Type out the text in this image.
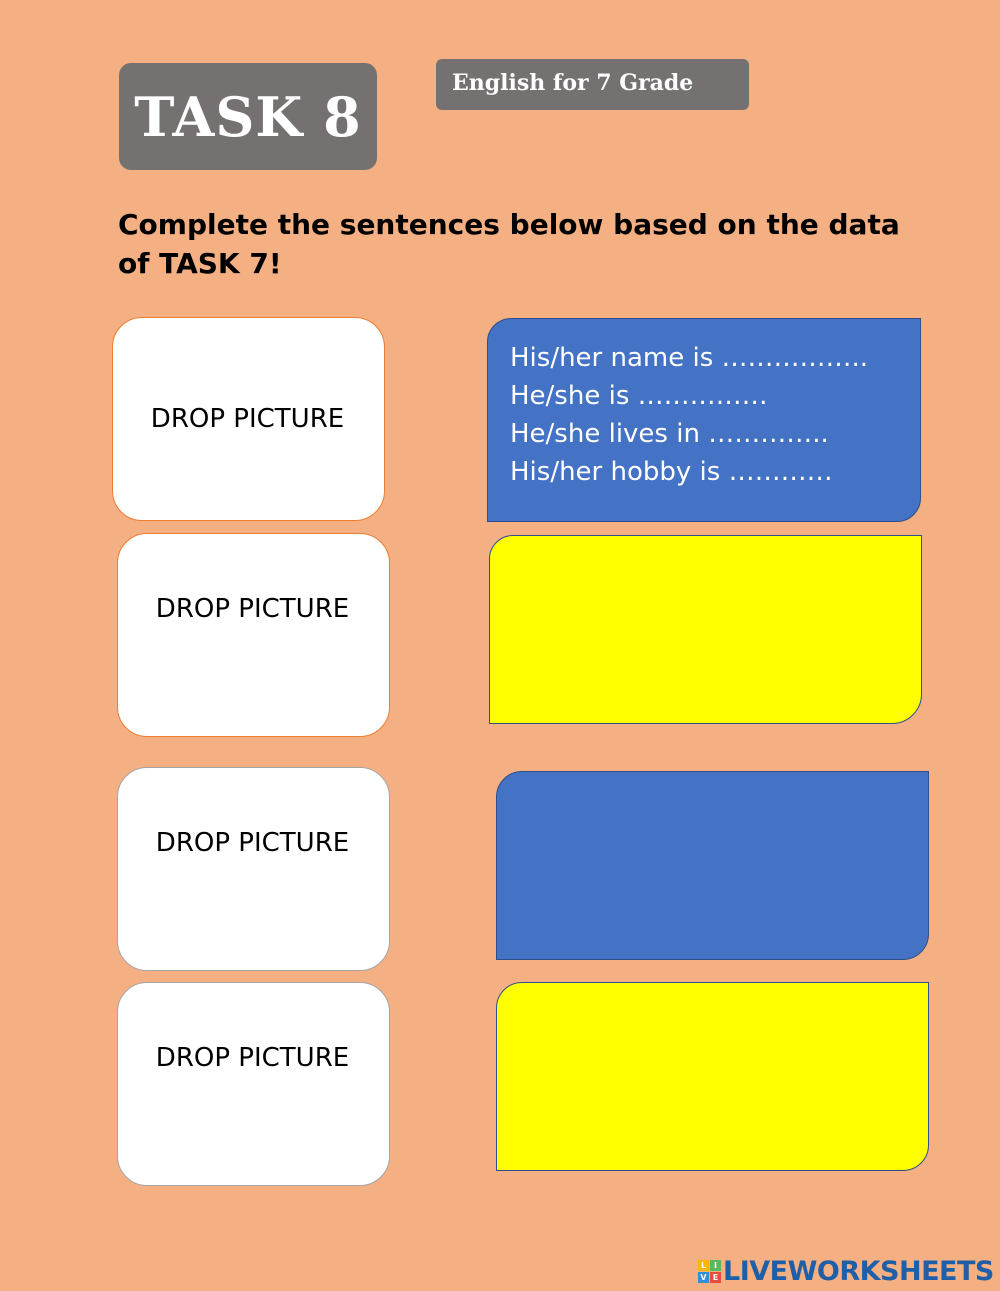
TASK 8
English for 7 Grade

Complete the sentences below based on the data of TASK 7!

DROP PICTURE
DROP PICTURE
DROP PICTURE
DROP PICTURE
His/her name is ……………..
He/she is ……………
He/she lives in …………..
His/her hobby is …………
L I
V E LIVEWORKSHEETS
